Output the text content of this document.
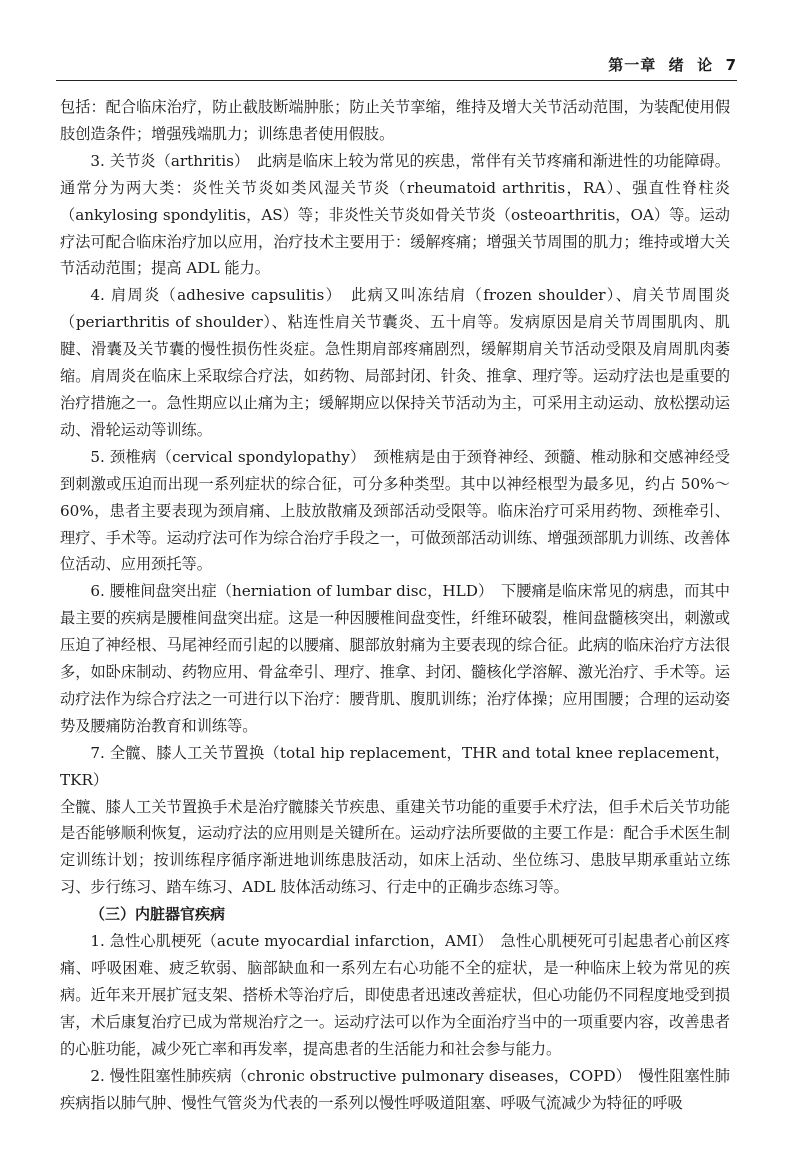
第一章  绪  论 7

包括：配合临床治疗，防止截肢断端肿胀；防止关节挛缩，维持及增大关节活动范围，为装配使用假肢创造条件；增强残端肌力；训练患者使用假肢。

3. 关节炎（arthritis）　此病是临床上较为常见的疾患，常伴有关节疼痛和渐进性的功能障碍。通常分为两大类：炎性关节炎如类风湿关节炎（rheumatoid arthritis，RA）、强直性脊柱炎（ankylosing spondylitis，AS）等；非炎性关节炎如骨关节炎（osteoarthritis，OA）等。运动疗法可配合临床治疗加以应用，治疗技术主要用于：缓解疼痛；增强关节周围的肌力；维持或增大关节活动范围；提高 ADL 能力。

4. 肩周炎（adhesive capsulitis）　此病又叫冻结肩（frozen shoulder）、肩关节周围炎（periarthritis of shoulder）、粘连性肩关节囊炎、五十肩等。发病原因是肩关节周围肌肉、肌腱、滑囊及关节囊的慢性损伤性炎症。急性期肩部疼痛剧烈，缓解期肩关节活动受限及肩周肌肉萎缩。肩周炎在临床上采取综合疗法，如药物、局部封闭、针灸、推拿、理疗等。运动疗法也是重要的治疗措施之一。急性期应以止痛为主；缓解期应以保持关节活动为主，可采用主动运动、放松摆动运动、滑轮运动等训练。

5. 颈椎病（cervical spondylopathy）　颈椎病是由于颈脊神经、颈髓、椎动脉和交感神经受到刺激或压迫而出现一系列症状的综合征，可分多种类型。其中以神经根型为最多见，约占 50%～60%，患者主要表现为颈肩痛、上肢放散痛及颈部活动受限等。临床治疗可采用药物、颈椎牵引、理疗、手术等。运动疗法可作为综合治疗手段之一，可做颈部活动训练、增强颈部肌力训练、改善体位活动、应用颈托等。

6. 腰椎间盘突出症（herniation of lumbar disc，HLD）　下腰痛是临床常见的病患，而其中最主要的疾病是腰椎间盘突出症。这是一种因腰椎间盘变性，纤维环破裂，椎间盘髓核突出，刺激或压迫了神经根、马尾神经而引起的以腰痛、腿部放射痛为主要表现的综合征。此病的临床治疗方法很多，如卧床制动、药物应用、骨盆牵引、理疗、推拿、封闭、髓核化学溶解、激光治疗、手术等。运动疗法作为综合疗法之一可进行以下治疗：腰背肌、腹肌训练；治疗体操；应用围腰；合理的运动姿势及腰痛防治教育和训练等。

7. 全髋、膝人工关节置换（total hip replacement，THR and total knee replacement，TKR）

全髋、膝人工关节置换手术是治疗髋膝关节疾患、重建关节功能的重要手术疗法，但手术后关节功能是否能够顺利恢复，运动疗法的应用则是关键所在。运动疗法所要做的主要工作是：配合手术医生制定训练计划；按训练程序循序渐进地训练患肢活动，如床上活动、坐位练习、患肢早期承重站立练习、步行练习、踏车练习、ADL 肢体活动练习、行走中的正确步态练习等。

（三）内脏器官疾病

1. 急性心肌梗死（acute myocardial infarction，AMI）　急性心肌梗死可引起患者心前区疼痛、呼吸困难、疲乏软弱、脑部缺血和一系列左右心功能不全的症状，是一种临床上较为常见的疾病。近年来开展扩冠支架、搭桥术等治疗后，即使患者迅速改善症状，但心功能仍不同程度地受到损害，术后康复治疗已成为常规治疗之一。运动疗法可以作为全面治疗当中的一项重要内容，改善患者的心脏功能，减少死亡率和再发率，提高患者的生活能力和社会参与能力。

2. 慢性阻塞性肺疾病（chronic obstructive pulmonary diseases，COPD）　慢性阻塞性肺疾病指以肺气肿、慢性气管炎为代表的一系列以慢性呼吸道阻塞、呼吸气流减少为特征的呼吸
